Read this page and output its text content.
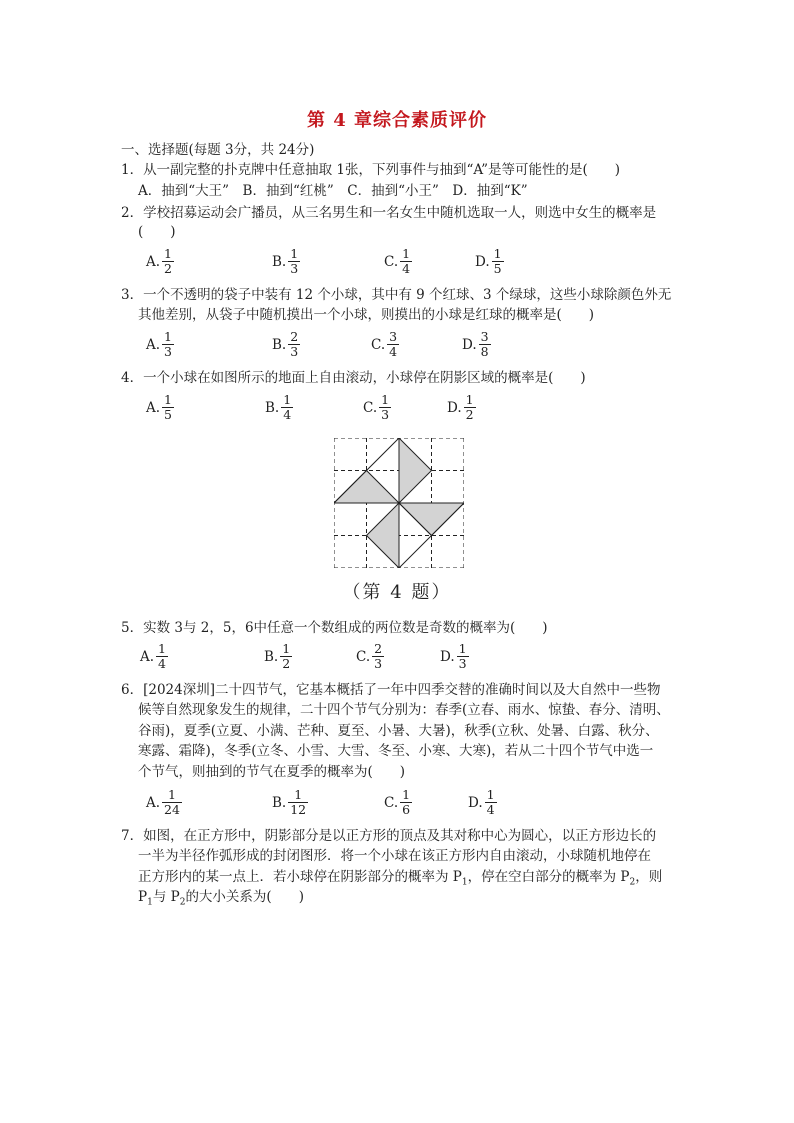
第 4 章综合素质评价
一、选择题(每题 3分，共 24分)
1．从一副完整的扑克牌中任意抽取 1张，下列事件与抽到“A”是等可能性的是(　　)
A．抽到“大王”　B．抽到“红桃”　C．抽到“小王”　D．抽到“K”
2．学校招募运动会广播员，从三名男生和一名女生中随机选取一人，则选中女生的概率是
(　　)
A. $\frac{1}{2}$	B. $\frac{1}{3}$	C. $\frac{1}{4}$	D. $\frac{1}{5}$
3．一个不透明的袋子中装有 12 个小球，其中有 9 个红球、3 个绿球，这些小球除颜色外无
其他差别，从袋子中随机摸出一个小球，则摸出的小球是红球的概率是(　　)
A. $\frac{1}{3}$	B. $\frac{2}{3}$	C. $\frac{3}{4}$	D. $\frac{3}{8}$
4．一个小球在如图所示的地面上自由滚动，小球停在阴影区域的概率是(　　)
A. $\frac{1}{5}$	B. $\frac{1}{4}$	C. $\frac{1}{3}$	D. $\frac{1}{2}$
（第 4 题）
5．实数 3与 2，5，6中任意一个数组成的两位数是奇数的概率为(　　)
A. $\frac{1}{4}$	B. $\frac{1}{2}$	C. $\frac{2}{3}$	D. $\frac{1}{3}$
6．[2024深圳]二十四节气，它基本概括了一年中四季交替的准确时间以及大自然中一些物
候等自然现象发生的规律，二十四个节气分别为：春季(立春、雨水、惊蛰、春分、清明、
谷雨)，夏季(立夏、小满、芒种、夏至、小暑、大暑)，秋季(立秋、处暑、白露、秋分、
寒露、霜降)，冬季(立冬、小雪、大雪、冬至、小寒、大寒)，若从二十四个节气中选一
个节气，则抽到的节气在夏季的概率为(　　)
A. $\frac{1}{24}$	B. $\frac{1}{12}$	C. $\frac{1}{6}$	D. $\frac{1}{4}$
7．如图，在正方形中，阴影部分是以正方形的顶点及其对称中心为圆心，以正方形边长的
一半为半径作弧形成的封闭图形．将一个小球在该正方形内自由滚动，小球随机地停在
正方形内的某一点上．若小球停在阴影部分的概率为 $P_1$，停在空白部分的概率为 $P_2$，则
$P_1$与 $P_2$的大小关系为(　　)
